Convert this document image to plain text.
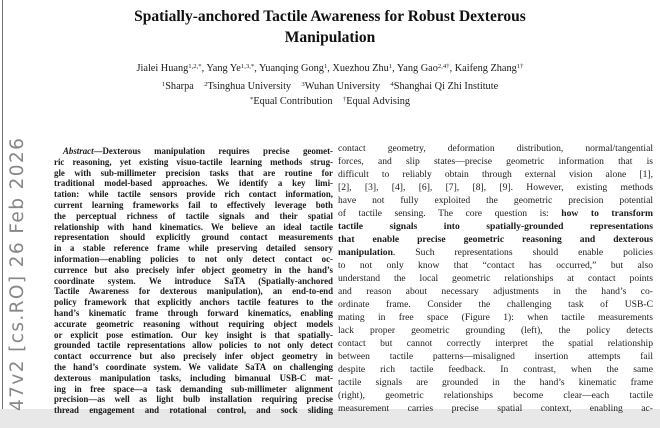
47v2 [cs.RO] 26 Feb 2026
Spatially-anchored Tactile Awareness for Robust Dexterous
Manipulation
Jialei Huang$^{1,2,*}$, Yang $Ye^{1,3,*}$, Yuanqing Gong$^1$, Xuezhou Zhu$^1$, Yang Gao$^{2,4\dagger}$, Kaifeng Zhang$^{1\dagger}$
$^1$Sharpa $^2$Tsinghua University $^3$Wuhan University $^4$Shanghai Qi Zhi Institute
*Equal Contribution †Equal Advising
Abstract—Dexterous manipulation requires precise geomet-
ric reasoning, yet existing visuo-tactile learning methods strug-
gle with sub-millimeter precision tasks that are routine for
traditional model-based approaches. We identify a key limi-
tation: while tactile sensors provide rich contact information,
current learning frameworks fail to effectively leverage both
the perceptual richness of tactile signals and their spatial
relationship with hand kinematics. We believe an ideal tactile
representation should explicitly ground contact measurements
in a stable reference frame while preserving detailed sensory
information—enabling policies to not only detect contact oc-
currence but also precisely infer object geometry in the hand’s
coordinate system. We introduce SaTA (Spatially-anchored
Tactile Awareness for dexterous manipulation), an end-to-end
policy framework that explicitly anchors tactile features to the
hand’s kinematic frame through forward kinematics, enabling
accurate geometric reasoning without requiring object models
or explicit pose estimation. Our key insight is that spatially-
grounded tactile representations allow policies to not only detect
contact occurrence but also precisely infer object geometry in
the hand’s coordinate system. We validate SaTA on challenging
dexterous manipulation tasks, including bimanual USB-C mat-
ing in free space—a task demanding sub-millimeter alignment
precision—as well as light bulb installation requiring precise
thread engagement and rotational control, and sock sliding
contact geometry, deformation distribution, normal/tangential
forces, and slip states—precise geometric information that is
difficult to reliably obtain through external vision alone [1],
[2], [3], [4], [6], [7], [8], [9]. However, existing methods
have not fully exploited the geometric precision potential
of tactile sensing. The core question is: how to transform
tactile signals into spatially-grounded representations
that enable precise geometric reasoning and dexterous
manipulation. Such representations should enable policies
to not only know that “contact has occurred,” but also
understand the local geometric relationships at contact points
and reason about necessary adjustments in the hand’s co-
ordinate frame. Consider the challenging task of USB-C
mating in free space (Figure 1): when tactile measurements
lack proper geometric grounding (left), the policy detects
contact but cannot correctly interpret the spatial relationship
between tactile patterns—misaligned insertion attempts fail
despite rich tactile feedback. In contrast, when the same
tactile signals are grounded in the hand’s kinematic frame
(right), geometric relationships become clear—each tactile
measurement carries precise spatial context, enabling ac-
